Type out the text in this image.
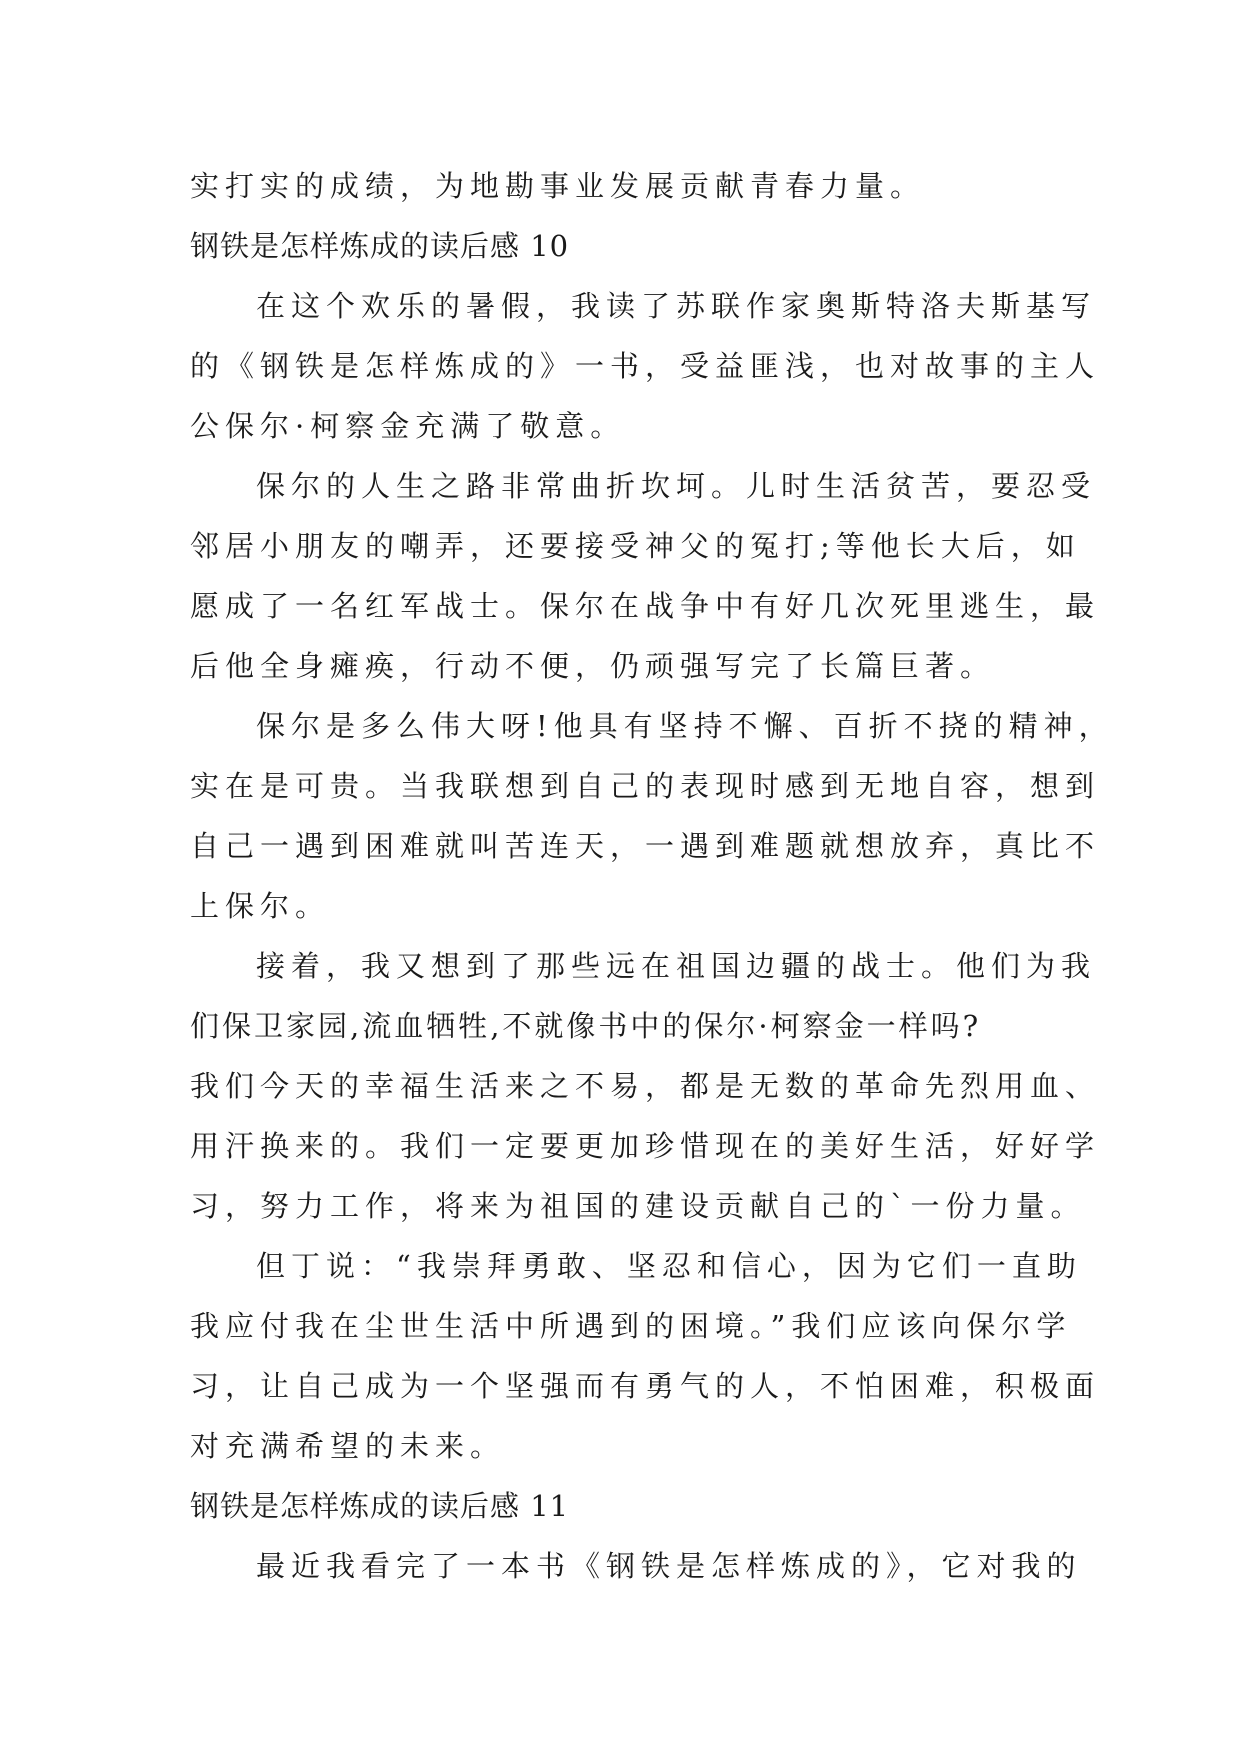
实打实的成绩，为地勘事业发展贡献青春力量。
钢铁是怎样炼成的读后感 10
在这个欢乐的暑假，我读了苏联作家奥斯特洛夫斯基写
的《钢铁是怎样炼成的》一书，受益匪浅，也对故事的主人
公保尔·柯察金充满了敬意。
保尔的人生之路非常曲折坎坷。儿时生活贫苦，要忍受
邻居小朋友的嘲弄，还要接受神父的冤打;等他长大后，如
愿成了一名红军战士。保尔在战争中有好几次死里逃生，最
后他全身瘫痪，行动不便，仍顽强写完了长篇巨著。
保尔是多么伟大呀!他具有坚持不懈、百折不挠的精神，
实在是可贵。当我联想到自己的表现时感到无地自容，想到
自己一遇到困难就叫苦连天，一遇到难题就想放弃，真比不
上保尔。
接着，我又想到了那些远在祖国边疆的战士。他们为我
们保卫家园,流血牺牲,不就像书中的保尔·柯察金一样吗?
我们今天的幸福生活来之不易，都是无数的革命先烈用血、
用汗换来的。我们一定要更加珍惜现在的美好生活，好好学
习，努力工作，将来为祖国的建设贡献自己的`一份力量。
但丁说：“我崇拜勇敢、坚忍和信心，因为它们一直助
我应付我在尘世生活中所遇到的困境。”我们应该向保尔学
习，让自己成为一个坚强而有勇气的人，不怕困难，积极面
对充满希望的未来。
钢铁是怎样炼成的读后感 11
最近我看完了一本书《钢铁是怎样炼成的》，它对我的
